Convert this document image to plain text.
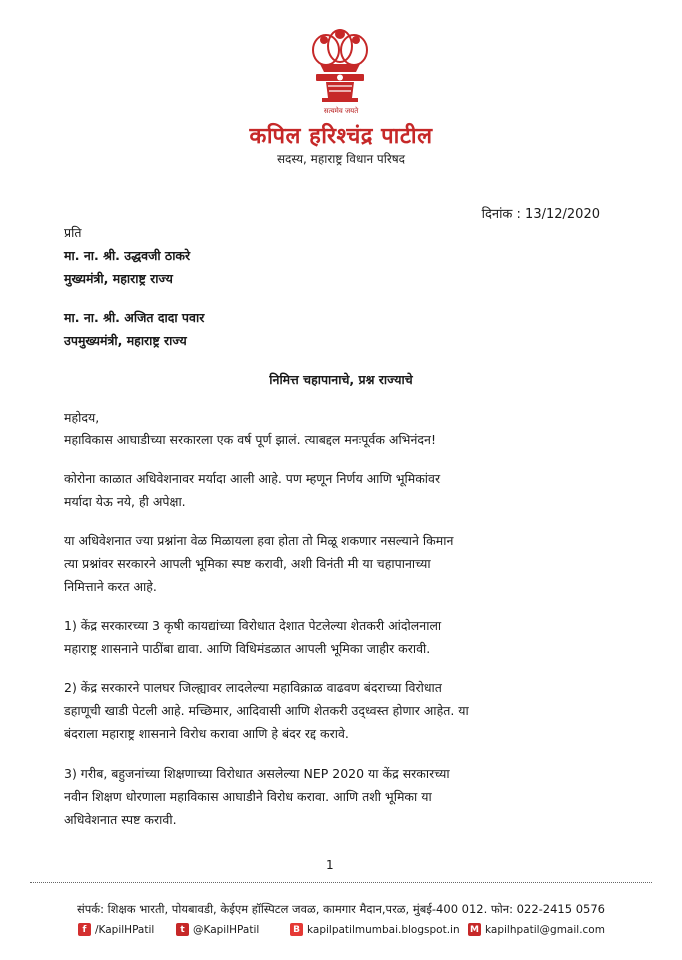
सत्यमेव जयते
कपिल हरिश्चंद्र पाटील
सदस्य, महाराष्ट्र विधान परिषद
दिनांक : 13/12/2020
प्रति
मा. ना. श्री. उद्धवजी ठाकरे
मुख्यमंत्री, महाराष्ट्र राज्य
मा. ना. श्री. अजित दादा पवार
उपमुख्यमंत्री, महाराष्ट्र राज्य
निमित्त चहापानाचे, प्रश्न राज्याचे
महोदय,
महाविकास आघाडीच्या सरकारला एक वर्ष पूर्ण झालं. त्याबद्दल मनःपूर्वक अभिनंदन!
कोरोना काळात अधिवेशनावर मर्यादा आली आहे. पण म्हणून निर्णय आणि भूमिकांवर
मर्यादा येऊ नये, ही अपेक्षा.
या अधिवेशनात ज्या प्रश्नांना वेळ मिळायला हवा होता तो मिळू शकणार नसल्याने किमान
त्या प्रश्नांवर सरकारने आपली भूमिका स्पष्ट करावी, अशी विनंती मी या चहापानाच्या
निमित्ताने करत आहे.
1) केंद्र सरकारच्या 3 कृषी कायद्यांच्या विरोधात देशात पेटलेल्या शेतकरी आंदोलनाला
महाराष्ट्र शासनाने पाठींबा द्यावा. आणि विधिमंडळात आपली भूमिका जाहीर करावी.
2) केंद्र सरकारने पालघर जिल्ह्यावर लादलेल्या महाविक्राळ वाढवण बंदराच्या विरोधात
डहाणूची खाडी पेटली आहे. मच्छिमार, आदिवासी आणि शेतकरी उद्ध्वस्त होणार आहेत. या
बंदराला महाराष्ट्र शासनाने विरोध करावा आणि हे बंदर रद्द करावे.
3) गरीब, बहुजनांच्या शिक्षणाच्या विरोधात असलेल्या NEP 2020 या केंद्र सरकारच्या
नवीन शिक्षण धोरणाला महाविकास आघाडीने विरोध करावा. आणि तशी भूमिका या
अधिवेशनात स्पष्ट करावी.
1
संपर्क: शिक्षक भारती, पोयबावडी, केईएम हॉस्पिटल जवळ, कामगार मैदान,परळ, मुंबई-400 012. फोन: 022-2415 0576
f /KapilHPatil	t @KapilHPatil	B kapilpatilmumbai.blogspot.in M kapilhpatil@gmail.com
